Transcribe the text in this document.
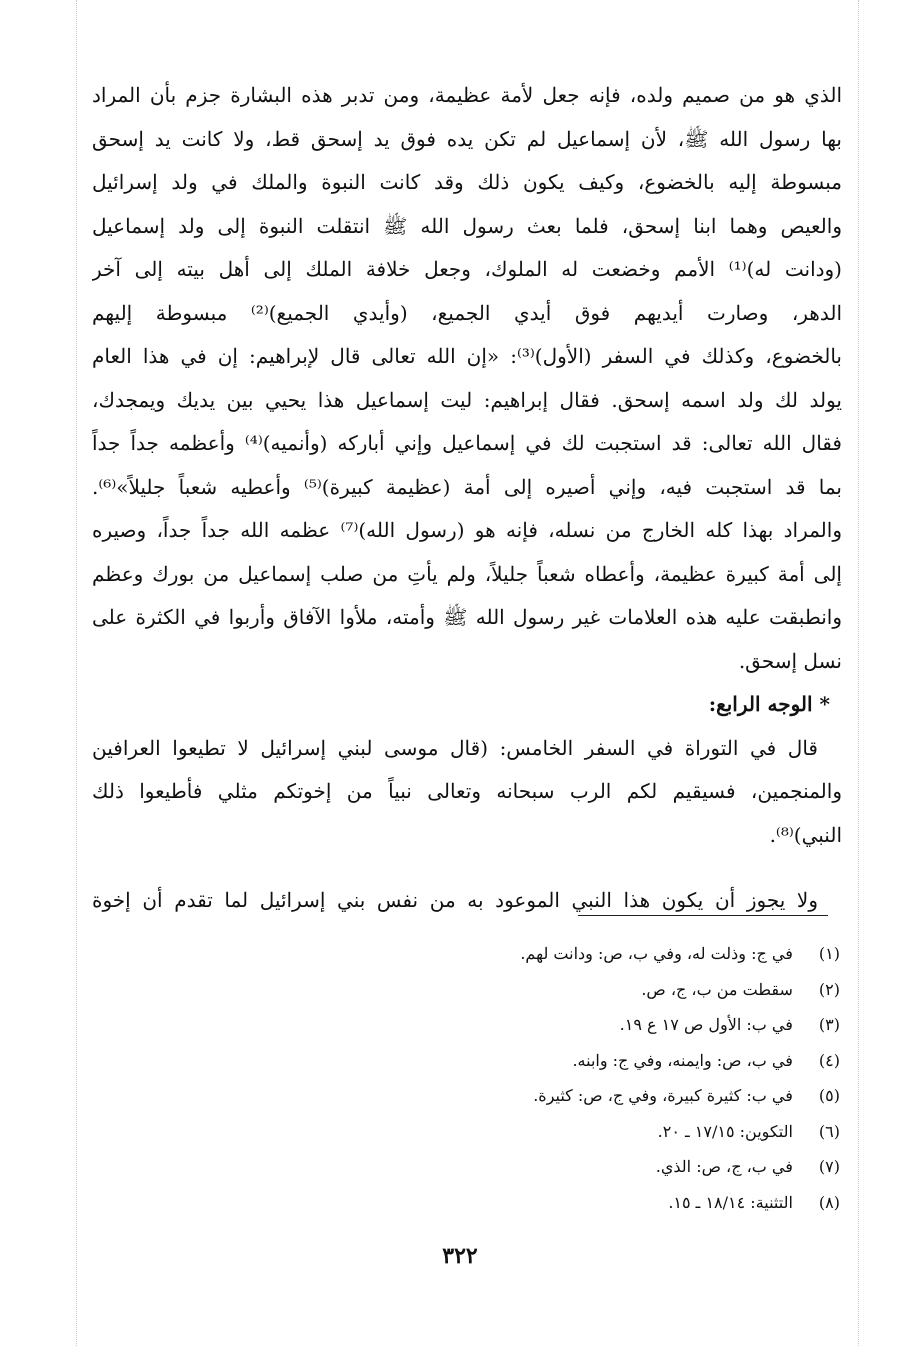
الذي هو من صميم ولده، فإنه جعل لأمة عظيمة، ومن تدبر هذه البشارة جزم بأن المراد
بها رسول الله ﷺ، لأن إسماعيل لم تكن يده فوق يد إسحق قط، ولا كانت يد إسحق
مبسوطة إليه بالخضوع، وكيف يكون ذلك وقد كانت النبوة والملك في ولد إسرائيل
والعيص وهما ابنا إسحق، فلما بعث رسول الله ﷺ انتقلت النبوة إلى ولد إسماعيل
(ودانت له)⁽¹⁾ الأمم وخضعت له الملوك، وجعل خلافة الملك إلى أهل بيته إلى آخر
الدهر، وصارت أيديهم فوق أيدي الجميع، (وأيدي الجميع)⁽²⁾ مبسوطة إليهم
بالخضوع، وكذلك في السفر (الأول)⁽³⁾: «إن الله تعالى قال لإبراهيم: إن في هذا العام
يولد لك ولد اسمه إسحق. فقال إبراهيم: ليت إسماعيل هذا يحيي بين يديك ويمجدك،
فقال الله تعالى: قد استجبت لك في إسماعيل وإني أباركه (وأنميه)⁽⁴⁾ وأعظمه جداً جداً
بما قد استجبت فيه، وإني أصيره إلى أمة (عظيمة كبيرة)⁽⁵⁾ وأعطيه شعباً جليلاً»⁽⁶⁾.
والمراد بهذا كله الخارج من نسله، فإنه هو (رسول الله)⁽⁷⁾ عظمه الله جداً جداً، وصيره
إلى أمة كبيرة عظيمة، وأعطاه شعباً جليلاً، ولم يأتِ من صلب إسماعيل من بورك وعظم
وانطبقت عليه هذه العلامات غير رسول الله ﷺ وأمته، ملأوا الآفاق وأربوا في الكثرة على
نسل إسحق.
* الوجه الرابع:
قال في التوراة في السفر الخامس: (قال موسى لبني إسرائيل لا تطيعوا العرافين
والمنجمين، فسيقيم لكم الرب سبحانه وتعالى نبياً من إخوتكم مثلي فأطيعوا ذلك
النبي)⁽⁸⁾.
ولا يجوز أن يكون هذا النبي الموعود به من نفس بني إسرائيل لما تقدم أن إخوة
(١) في ج: وذلت له، وفي ب، ص: ودانت لهم.
(٢) سقطت من ب، ج، ص.
(٣) في ب: الأول ص ١٧ ع ١٩.
(٤) في ب، ص: وايمنه، وفي ج: وابنه.
(٥) في ب: كثيرة كبيرة، وفي ج، ص: كثيرة.
(٦) التكوين: ١٧/١٥ ـ ٢٠.
(٧) في ب، ج، ص: الذي.
(٨) التثنية: ١٨/١٤ ـ ١٥.
٣٢٢
